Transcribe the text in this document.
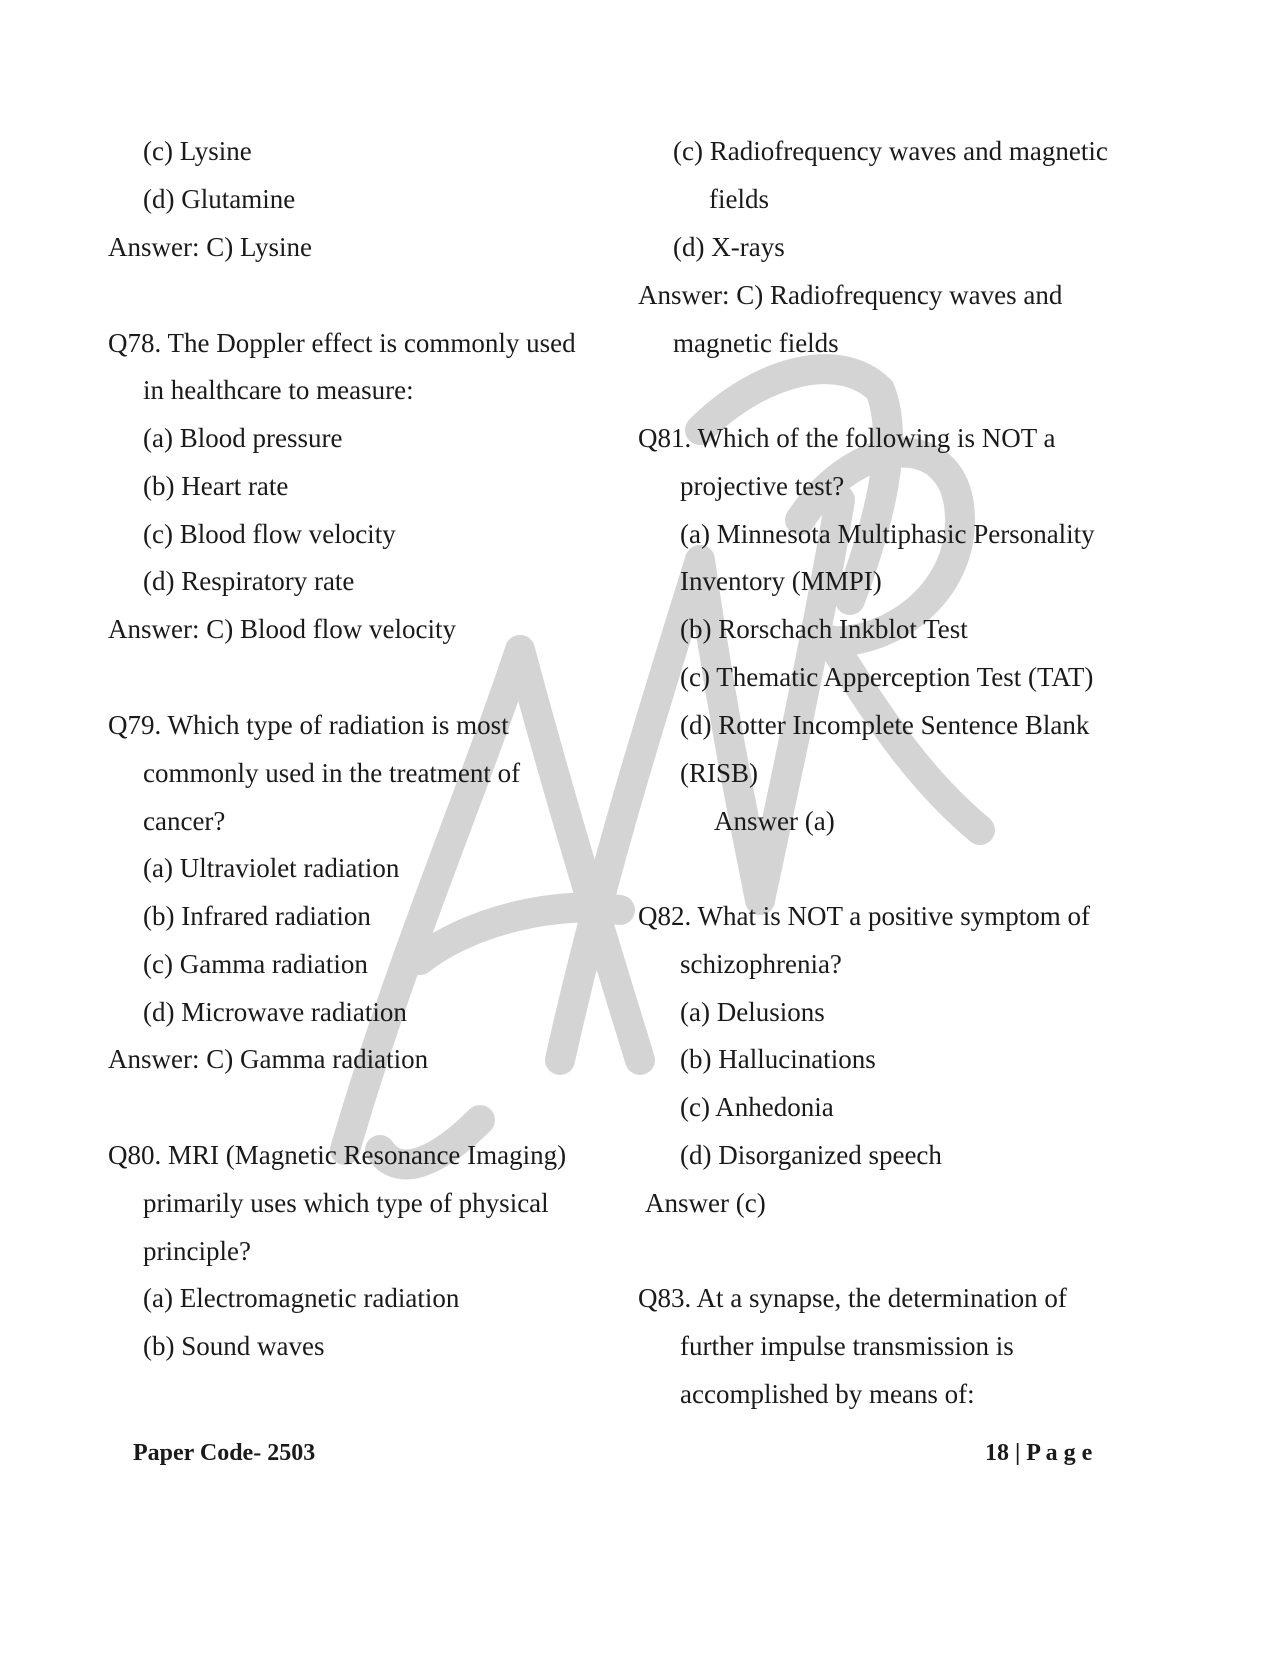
(c) Lysine
(d) Glutamine
Answer: C) Lysine
Q78. The Doppler effect is commonly used
in healthcare to measure:
(a) Blood pressure
(b) Heart rate
(c) Blood flow velocity
(d) Respiratory rate
Answer: C) Blood flow velocity
Q79. Which type of radiation is most
commonly used in the treatment of
cancer?
(a) Ultraviolet radiation
(b) Infrared radiation
(c) Gamma radiation
(d) Microwave radiation
Answer: C) Gamma radiation
Q80. MRI (Magnetic Resonance Imaging)
primarily uses which type of physical
principle?
(a) Electromagnetic radiation
(b) Sound waves
(c) Radiofrequency waves and magnetic
fields
(d) X-rays
Answer: C) Radiofrequency waves and
magnetic fields
Q81. Which of the following is NOT a
projective test?
(a) Minnesota Multiphasic Personality
Inventory (MMPI)
(b) Rorschach Inkblot Test
(c) Thematic Apperception Test (TAT)
(d) Rotter Incomplete Sentence Blank
(RISB)
Answer (a)
Q82. What is NOT a positive symptom of
schizophrenia?
(a) Delusions
(b) Hallucinations
(c) Anhedonia
(d) Disorganized speech
Answer (c)
Q83. At a synapse, the determination of
further impulse transmission is
accomplished by means of:
Paper Code- 2503	18 | P a g e
